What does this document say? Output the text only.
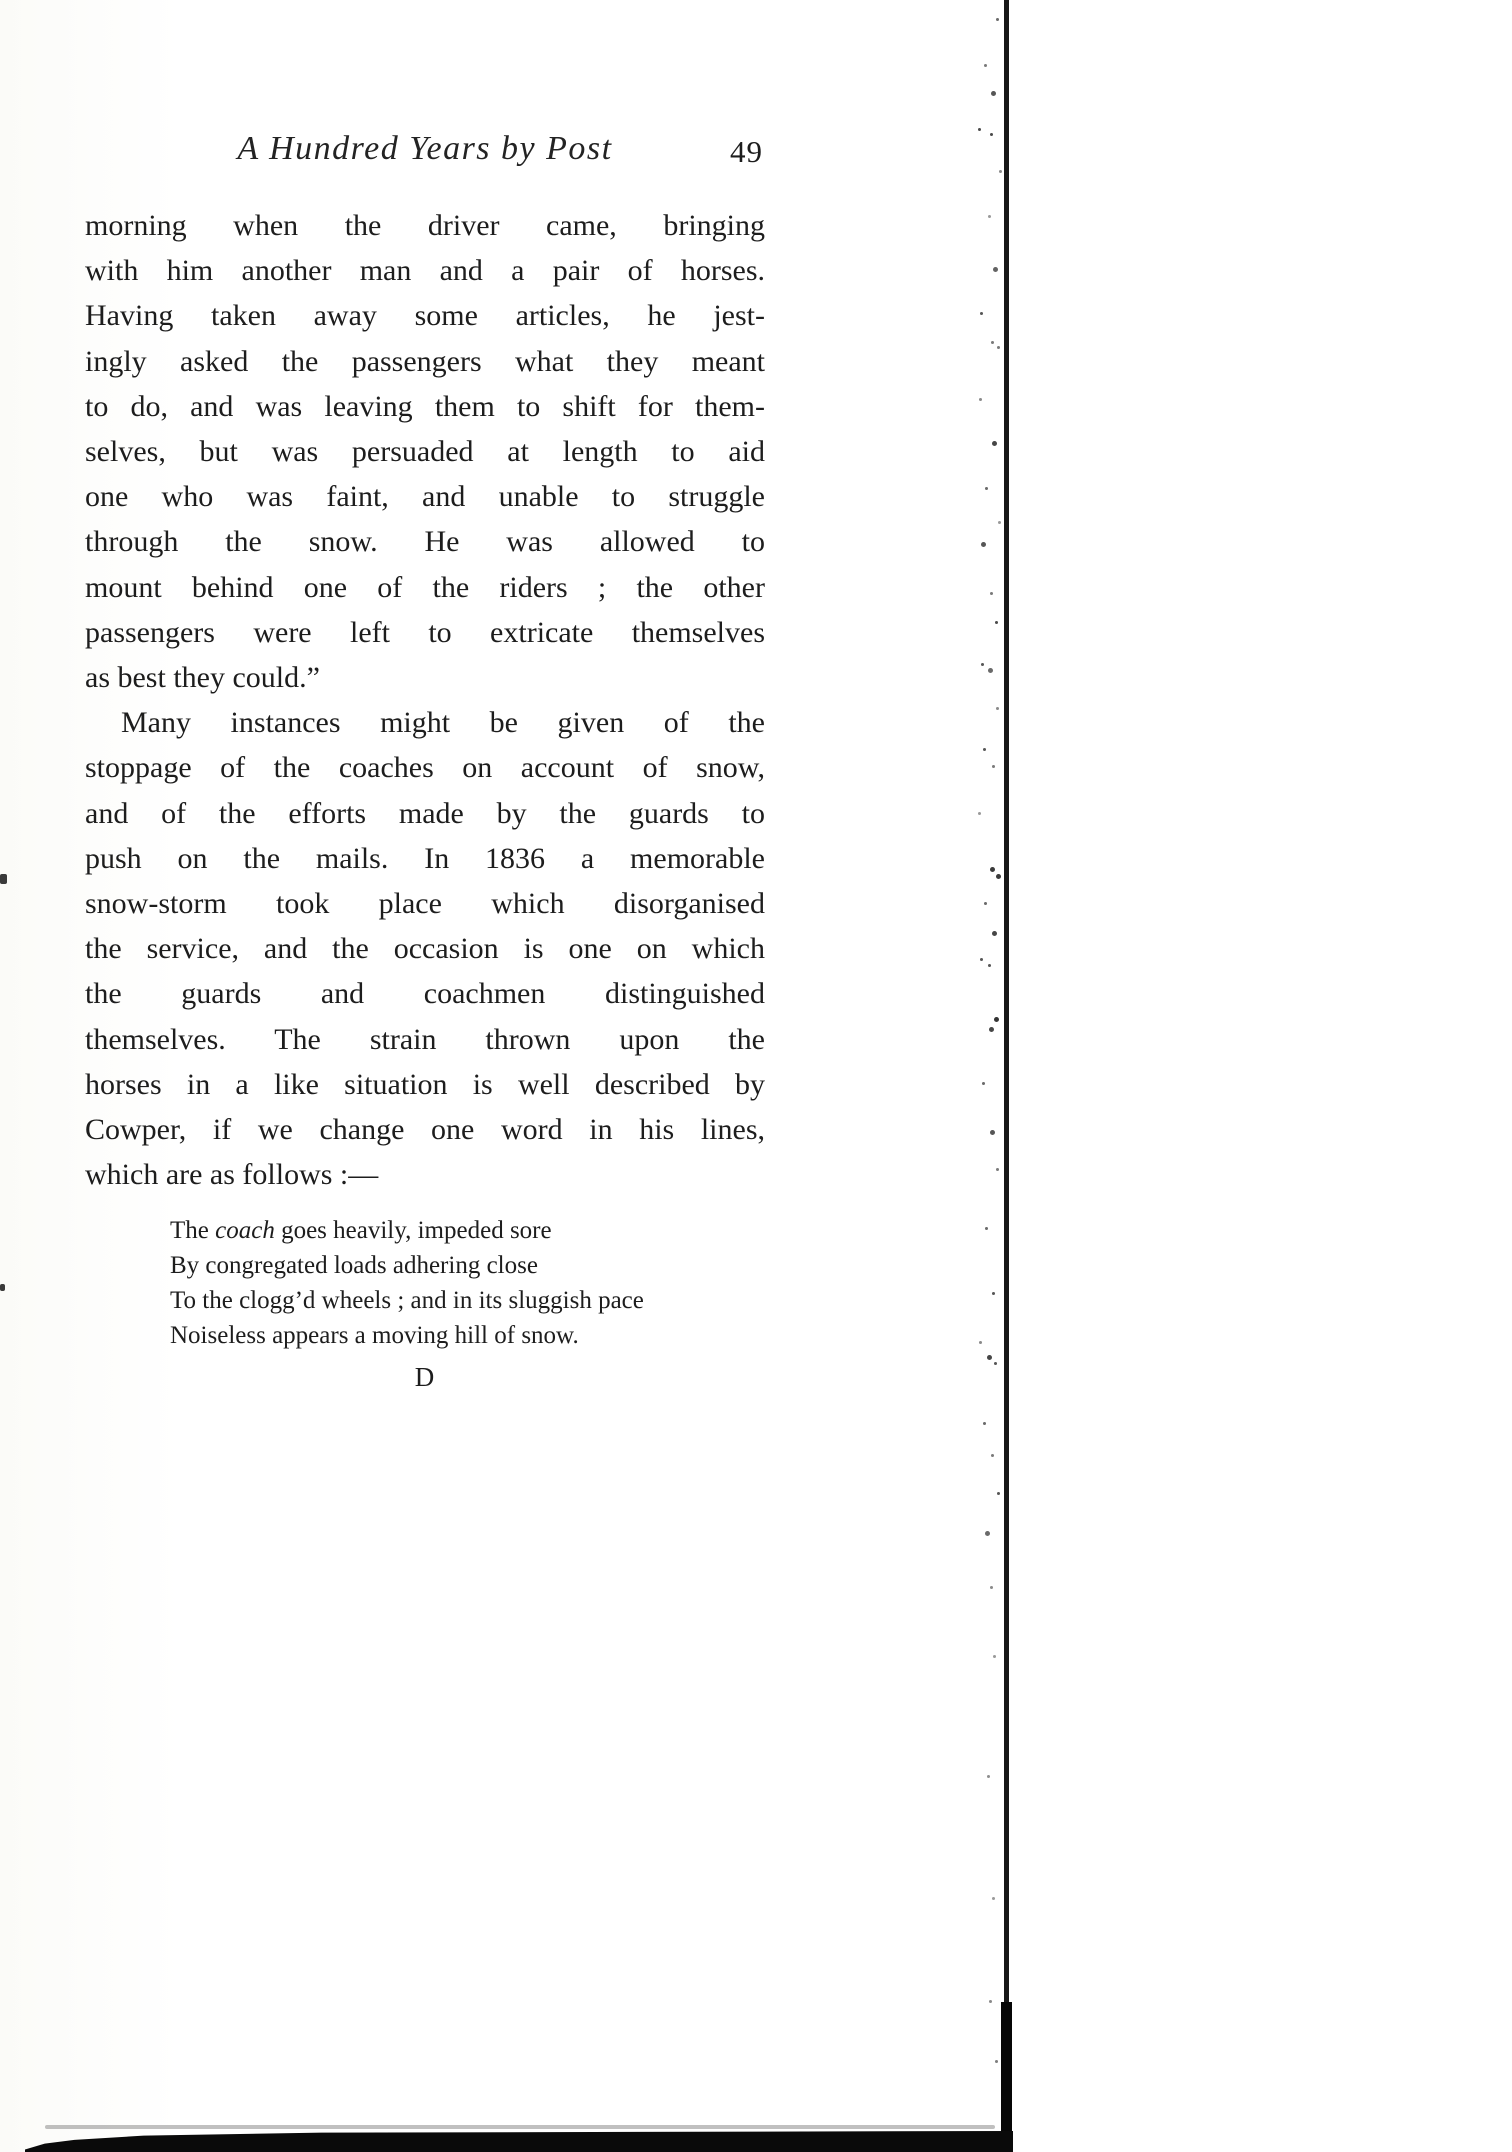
A Hundred Years by Post	49
morning when the driver came, bringing
with him another man and a pair of horses.
Having taken away some articles, he jest-
ingly asked the passengers what they meant
to do, and was leaving them to shift for them-
selves, but was persuaded at length to aid
one who was faint, and unable to struggle
through the snow. He was allowed to
mount behind one of the riders ; the other
passengers were left to extricate themselves
as best they could.”
Many instances might be given of the
stoppage of the coaches on account of snow,
and of the efforts made by the guards to
push on the mails. In 1836 a memorable
snow-storm took place which disorganised
the service, and the occasion is one on which
the guards and coachmen distinguished
themselves. The strain thrown upon the
horses in a like situation is well described by
Cowper, if we change one word in his lines,
which are as follows :—
The coach goes heavily, impeded sore
By congregated loads adhering close
To the clogg’d wheels ; and in its sluggish pace
Noiseless appears a moving hill of snow.
D
